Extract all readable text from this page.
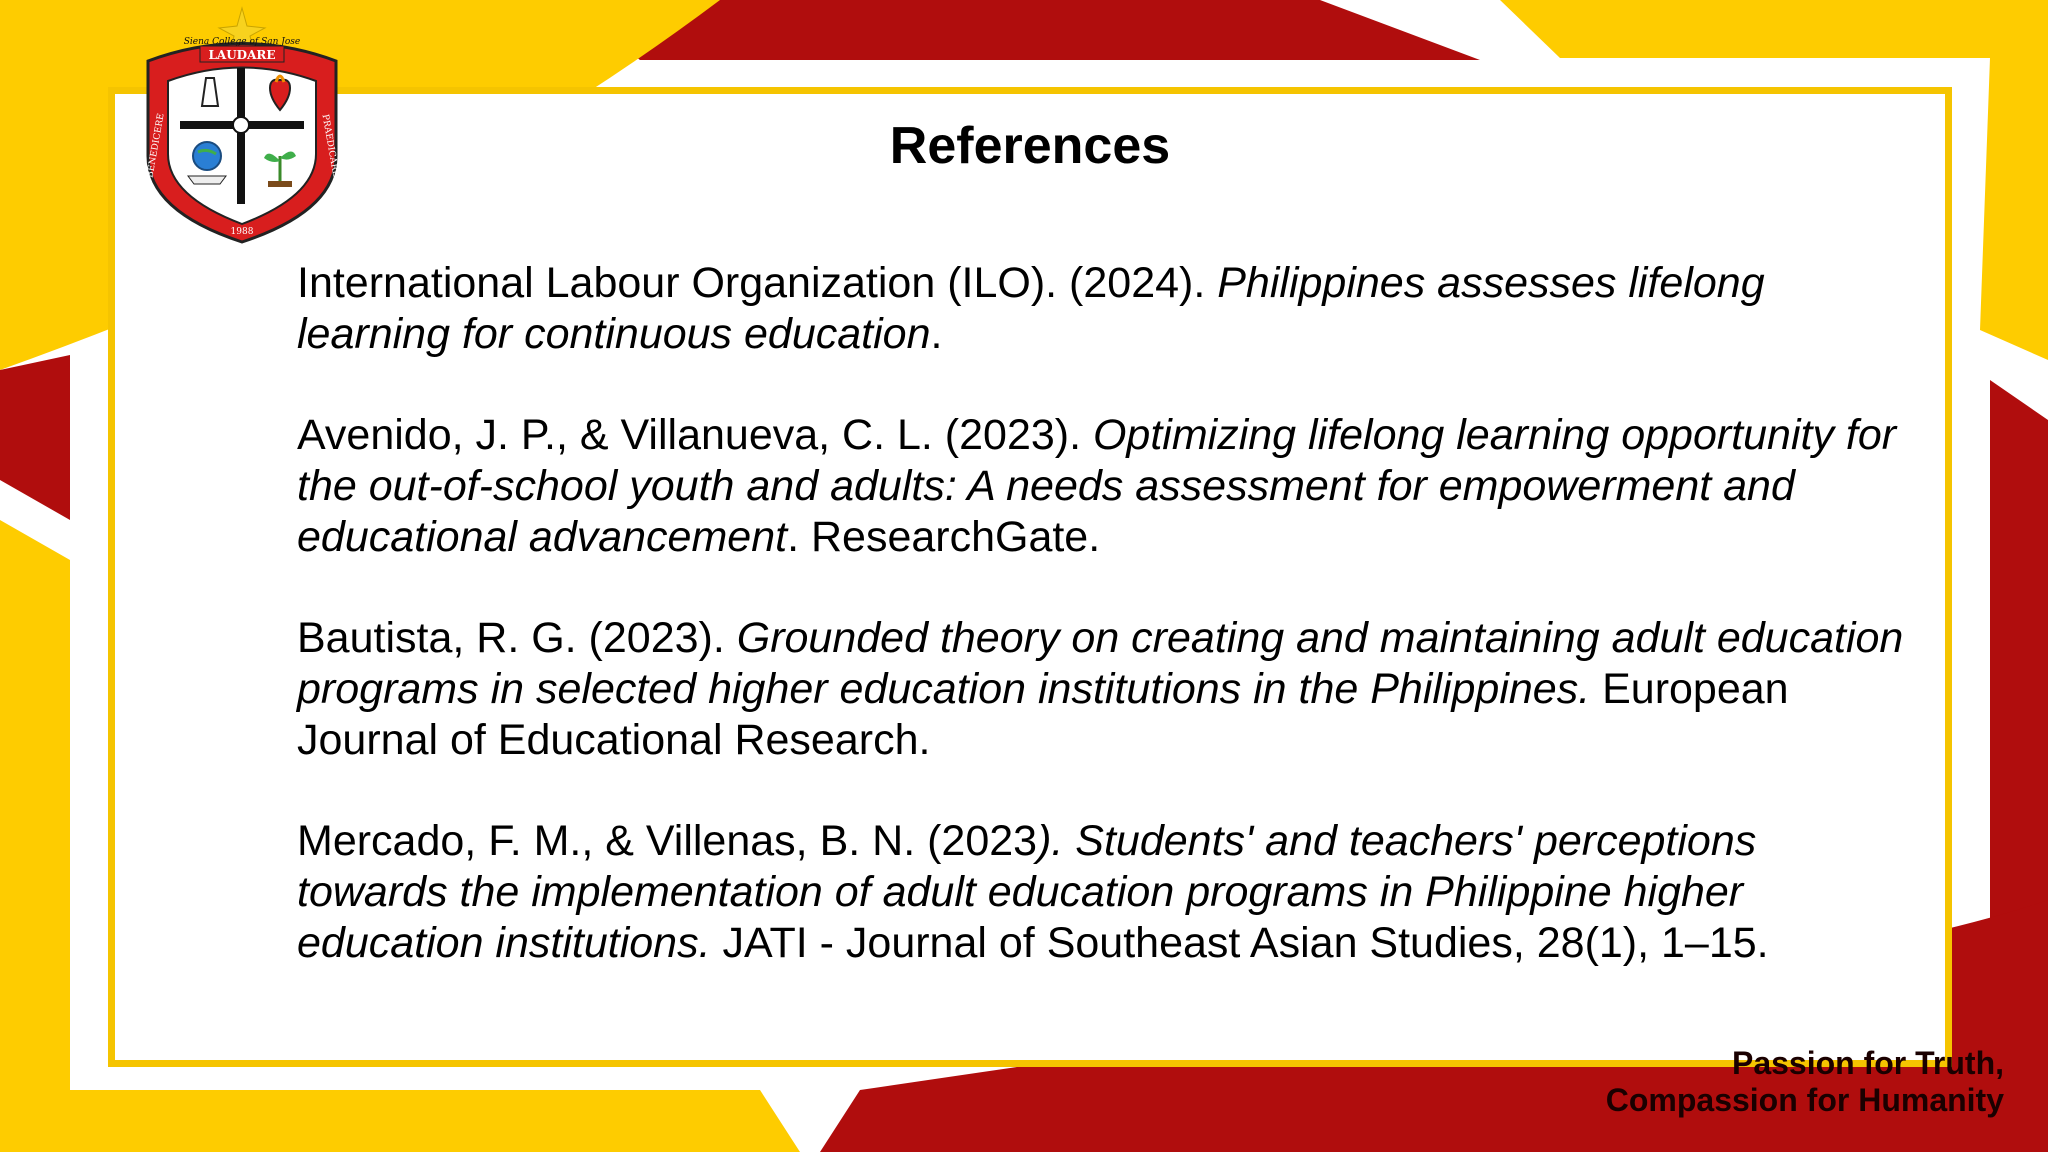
LAUDARE
BENEDICERE	PRAEDICARE
Siena College of San Jose
1988
References

International Labour Organization (ILO). (2024). Philippines assesses lifelong learning for continuous education.

Avenido, J. P., & Villanueva, C. L. (2023). Optimizing lifelong learning opportunity for the out-of-school youth and adults: A needs assessment for empowerment and educational advancement. ResearchGate.

Bautista, R. G. (2023). Grounded theory on creating and maintaining adult education programs in selected higher education institutions in the Philippines. European Journal of Educational Research.

Mercado, F. M., & Villenas, B. N. (2023). Students' and teachers' perceptions towards the implementation of adult education programs in Philippine higher education institutions. JATI - Journal of Southeast Asian Studies, 28(1), 1–15.

Passion for Truth,
Compassion for Humanity
